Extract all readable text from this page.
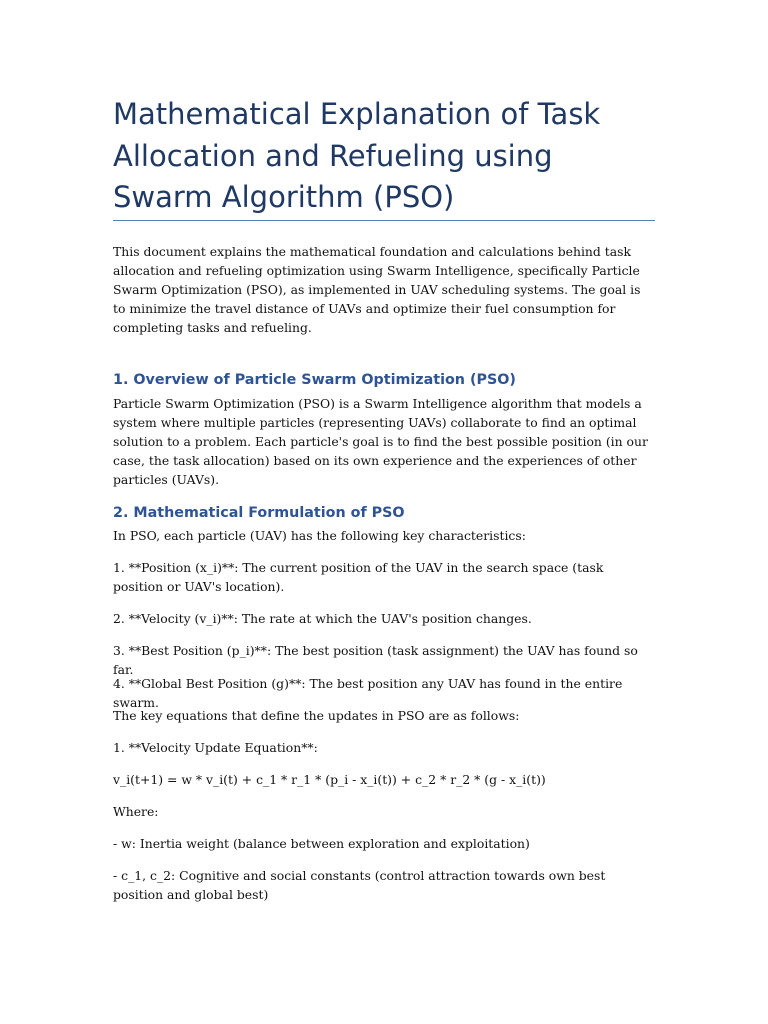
Mathematical Explanation of Task Allocation and Refueling using Swarm Algorithm (PSO)

This document explains the mathematical foundation and calculations behind task allocation and refueling optimization using Swarm Intelligence, specifically Particle Swarm Optimization (PSO), as implemented in UAV scheduling systems. The goal is to minimize the travel distance of UAVs and optimize their fuel consumption for completing tasks and refueling.

1. Overview of Particle Swarm Optimization (PSO)

Particle Swarm Optimization (PSO) is a Swarm Intelligence algorithm that models a system where multiple particles (representing UAVs) collaborate to find an optimal solution to a problem. Each particle's goal is to find the best possible position (in our case, the task allocation) based on its own experience and the experiences of other particles (UAVs).

2. Mathematical Formulation of PSO

In PSO, each particle (UAV) has the following key characteristics:

1. **Position (x_i)**: The current position of the UAV in the search space (task position or UAV's location).

2. **Velocity (v_i)**: The rate at which the UAV's position changes.

3. **Best Position (p_i)**: The best position (task assignment) the UAV has found so far.

4. **Global Best Position (g)**: The best position any UAV has found in the entire swarm.

The key equations that define the updates in PSO are as follows:

1. **Velocity Update Equation**:

v_i(t+1) = w * v_i(t) + c_1 * r_1 * (p_i - x_i(t)) + c_2 * r_2 * (g - x_i(t))

Where:

- w: Inertia weight (balance between exploration and exploitation)

- c_1, c_2: Cognitive and social constants (control attraction towards own best position and global best)
